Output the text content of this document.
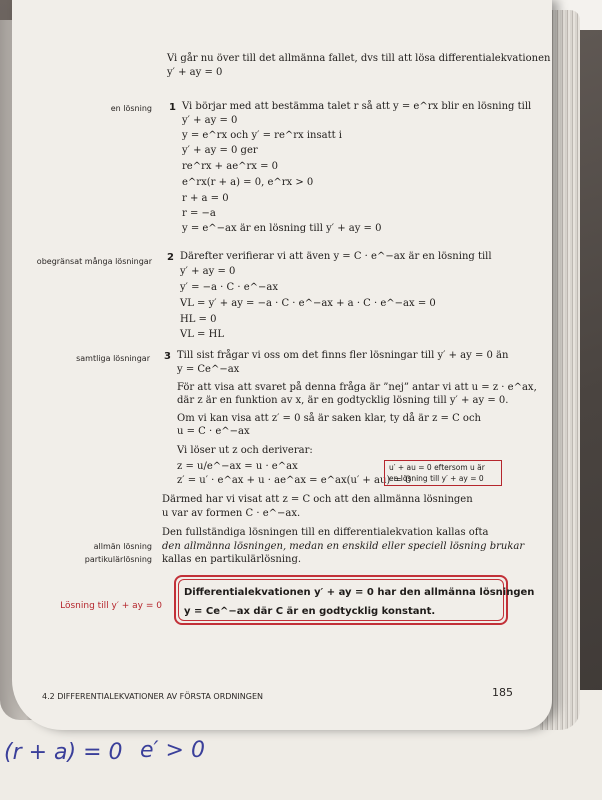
(r + a) = 0 e′ > 0
Vi går nu över till det allmänna fallet, dvs till att lösa differentialekvationen
y′ + ay = 0
en lösning 1 Vi börjar med att bestämma talet r så att y = e^rx blir en lösning till
y′ + ay = 0
y = e^rx och y′ = re^rx insatt i
y′ + ay = 0 ger
re^rx + ae^rx = 0
e^rx(r + a) = 0, e^rx > 0
r + a = 0
r = −a
y = e^−ax är en lösning till y′ + ay = 0
obegränsat många lösningar 2 Därefter verifierar vi att även y = C · e^−ax är en lösning till
y′ + ay = 0
y′ = −a · C · e^−ax
VL = y′ + ay = −a · C · e^−ax + a · C · e^−ax = 0
HL = 0
VL = HL
samtliga lösningar 3 Till sist frågar vi oss om det finns fler lösningar till y′ + ay = 0 än
y = Ce^−ax
För att visa att svaret på denna fråga är ”nej” antar vi att u = z · e^ax,
där z är en funktion av x, är en godtycklig lösning till y′ + ay = 0.
Om vi kan visa att z′ = 0 så är saken klar, ty då är z = C och
u = C · e^−ax
Vi löser ut z och deriverar:
z = u/e^−ax = u · e^ax
z′ = u′ · e^ax + u · ae^ax = e^ax(u′ + au) = 0
u′ + au = 0 eftersom u är
en lösning till y′ + ay = 0
Därmed har vi visat att z = C och att den allmänna lösningen
u var av formen C · e^−ax.
allmän lösning
partikulärlösning
Den fullständiga lösningen till en differentialekvation kallas ofta
den allmänna lösningen, medan en enskild eller speciell lösning brukar
kallas en partikulärlösning.
Lösning till y′ + ay = 0
Differentialekvationen y′ + ay = 0 har den allmänna lösningen
y = Ce^−ax där C är en godtycklig konstant.
4.2 DIFFERENTIALEKVATIONER AV FÖRSTA ORDNINGEN	185
